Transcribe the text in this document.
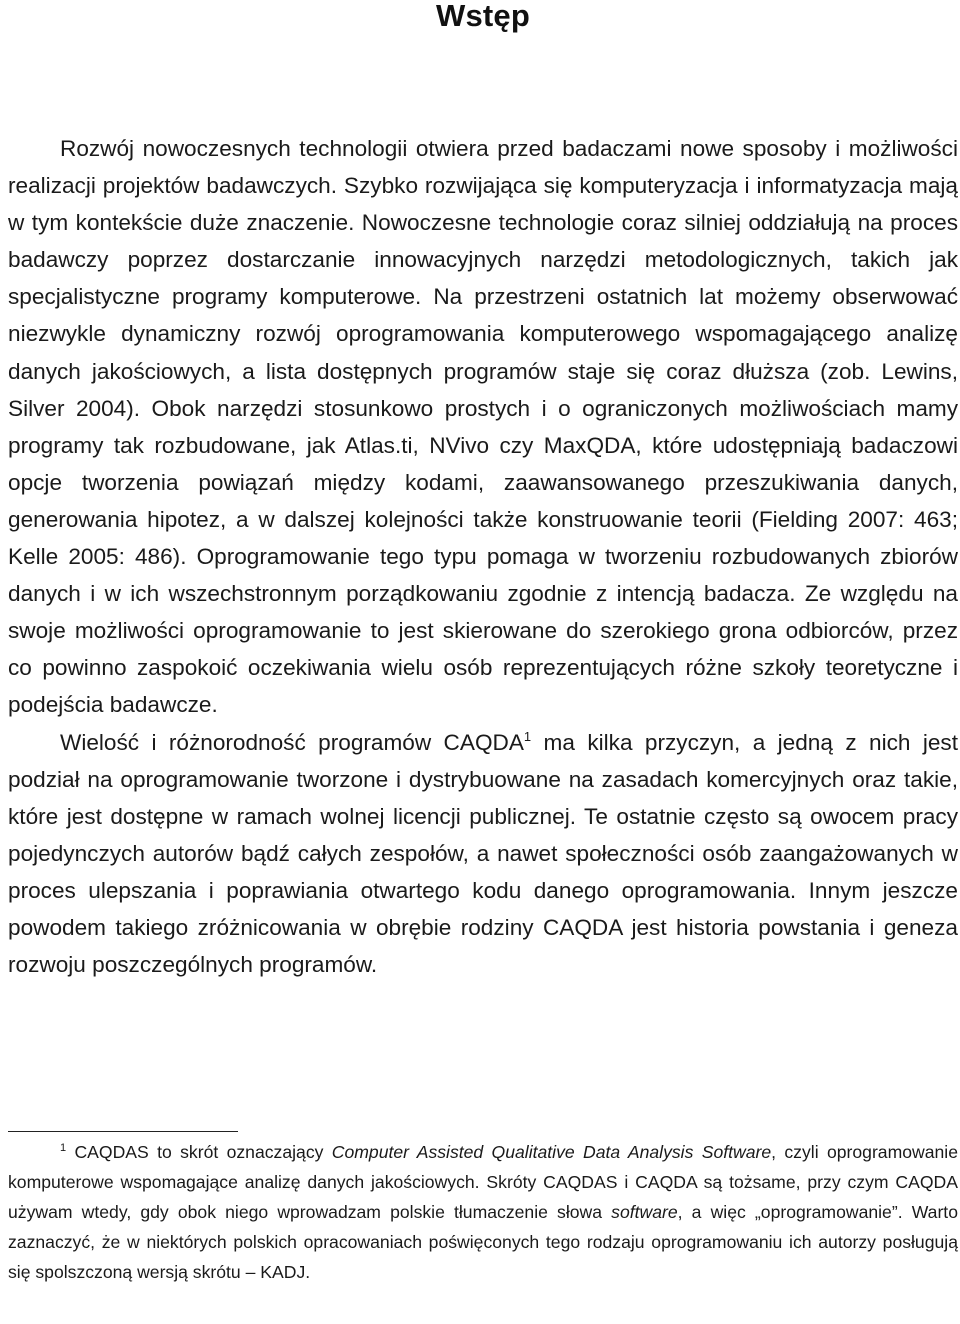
Wstęp

Rozwój nowoczesnych technologii otwiera przed badaczami nowe sposoby i możliwości realizacji projektów badawczych. Szybko rozwijająca się komputeryzacja i informatyzacja mają w tym kontekście duże znaczenie. Nowoczesne technologie coraz silniej oddziałują na proces badawczy poprzez dostarczanie innowacyjnych narzędzi metodologicznych, takich jak specjalistyczne programy komputerowe. Na przestrzeni ostatnich lat możemy obserwować niezwykle dynamiczny rozwój oprogramowania komputerowego wspomagającego analizę danych jakościowych, a lista dostępnych programów staje się coraz dłuższa (zob. Lewins, Silver 2004). Obok narzędzi stosunkowo prostych i o ograniczonych możliwościach mamy programy tak rozbudowane, jak Atlas.ti, NVivo czy MaxQDA, które udostępniają badaczowi opcje tworzenia powiązań między kodami, zaawansowanego przeszukiwania danych, generowania hipotez, a w dalszej kolejności także konstruowanie teorii (Fielding 2007: 463; Kelle 2005: 486). Oprogramowanie tego typu pomaga w tworzeniu rozbudowanych zbiorów danych i w ich wszechstronnym porządkowaniu zgodnie z intencją badacza. Ze względu na swoje możliwości oprogramowanie to jest skierowane do szerokiego grona odbiorców, przez co powinno zaspokoić oczekiwania wielu osób reprezentujących różne szkoły teoretyczne i podejścia badawcze.

Wielość i różnorodność programów CAQDA$^1$ ma kilka przyczyn, a jedną z nich jest podział na oprogramowanie tworzone i dystrybuowane na zasadach komercyjnych oraz takie, które jest dostępne w ramach wolnej licencji publicznej. Te ostatnie często są owocem pracy pojedynczych autorów bądź całych zespołów, a nawet społeczności osób zaangażowanych w proces ulepszania i poprawiania otwartego kodu danego oprogramowania. Innym jeszcze powodem takiego zróżnicowania w obrębie rodziny CAQDA jest historia powstania i geneza rozwoju poszczególnych programów.

$^1$ CAQDAS to skrót oznaczający Computer Assisted Qualitative Data Analysis Software, czyli oprogramowanie komputerowe wspomagające analizę danych jakościowych. Skróty CAQDAS i CAQDA są tożsame, przy czym CAQDA używam wtedy, gdy obok niego wprowadzam polskie tłumaczenie słowa software, a więc „oprogramowanie”. Warto zaznaczyć, że w niektórych polskich opracowaniach poświęconych tego rodzaju oprogramowaniu ich autorzy posługują się spolszczoną wersją skrótu – KADJ.
